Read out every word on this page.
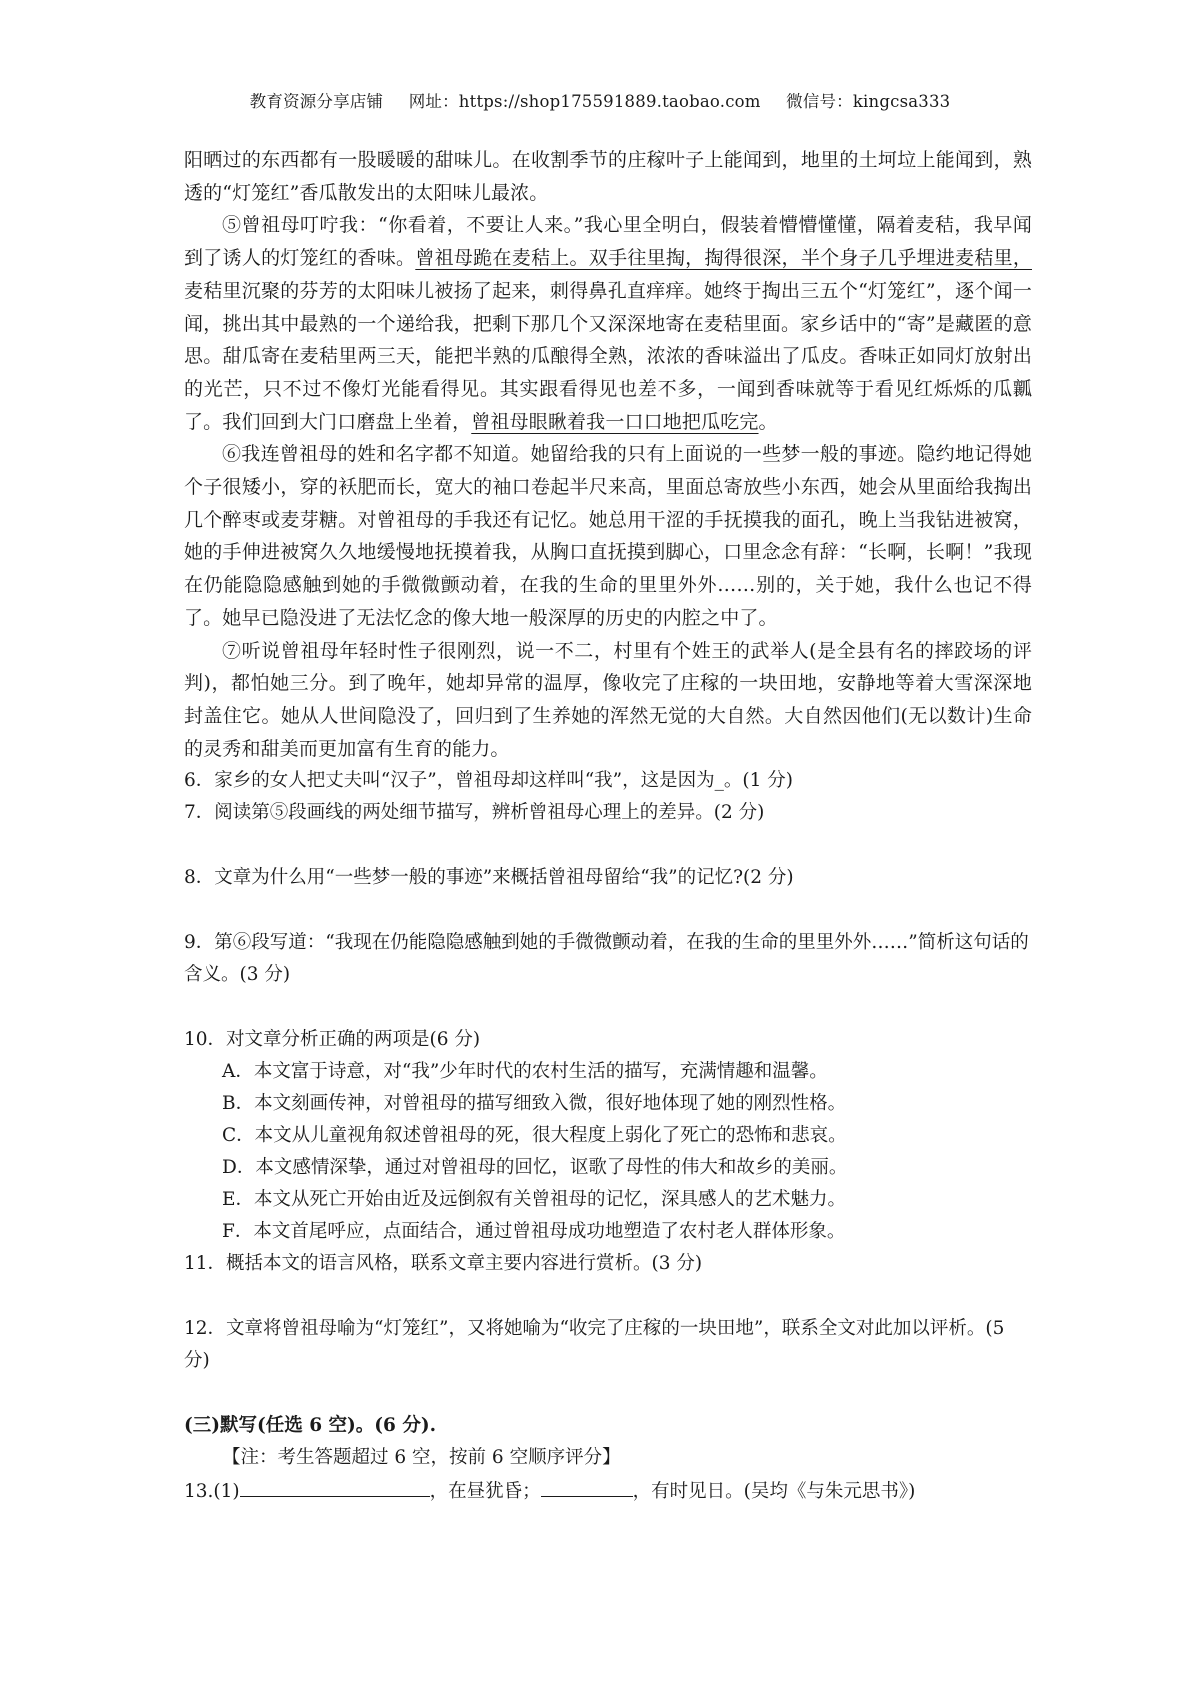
教育资源分享店铺 网址：https://shop175591889.taobao.com 微信号：kingcsa333

阳晒过的东西都有一股暖暖的甜味儿。在收割季节的庄稼叶子上能闻到，地里的土坷垃上能闻到，熟透的“灯笼红”香瓜散发出的太阳味儿最浓。

⑤曾祖母叮咛我：“你看着，不要让人来。”我心里全明白，假装着懵懵懂懂，隔着麦秸，我早闻到了诱人的灯笼红的香味。曾祖母跪在麦秸上。双手往里掏，掏得很深，半个身子几乎埋进麦秸里，麦秸里沉聚的芬芳的太阳味儿被扬了起来，刺得鼻孔直痒痒。她终于掏出三五个“灯笼红”，逐个闻一闻，挑出其中最熟的一个递给我，把剩下那几个又深深地寄在麦秸里面。家乡话中的“寄”是藏匿的意思。甜瓜寄在麦秸里两三天，能把半熟的瓜酿得全熟，浓浓的香味溢出了瓜皮。香味正如同灯放射出的光芒，只不过不像灯光能看得见。其实跟看得见也差不多，一闻到香味就等于看见红烁烁的瓜瓤了。我们回到大门口磨盘上坐着，曾祖母眼瞅着我一口口地把瓜吃完。

⑥我连曾祖母的姓和名字都不知道。她留给我的只有上面说的一些梦一般的事迹。隐约地记得她个子很矮小，穿的袄肥而长，宽大的袖口卷起半尺来高，里面总寄放些小东西，她会从里面给我掏出几个醉枣或麦芽糖。对曾祖母的手我还有记忆。她总用干涩的手抚摸我的面孔，晚上当我钻进被窝，她的手伸进被窝久久地缓慢地抚摸着我，从胸口直抚摸到脚心，口里念念有辞：“长啊，长啊！”我现在仍能隐隐感触到她的手微微颤动着，在我的生命的里里外外……别的，关于她，我什么也记不得了。她早已隐没进了无法忆念的像大地一般深厚的历史的内腔之中了。

⑦听说曾祖母年轻时性子很刚烈，说一不二，村里有个姓王的武举人(是全县有名的摔跤场的评判)，都怕她三分。到了晚年，她却异常的温厚，像收完了庄稼的一块田地，安静地等着大雪深深地封盖住它。她从人世间隐没了，回归到了生养她的浑然无觉的大自然。大自然因他们(无以数计)生命的灵秀和甜美而更加富有生育的能力。

6．家乡的女人把丈夫叫“汉子”，曾祖母却这样叫“我”，这是因为_。(1 分)

7．阅读第⑤段画线的两处细节描写，辨析曾祖母心理上的差异。(2 分)

8．文章为什么用“一些梦一般的事迹”来概括曾祖母留给“我”的记忆?(2 分)

9．第⑥段写道：“我现在仍能隐隐感触到她的手微微颤动着，在我的生命的里里外外……”简析这句话的含义。(3 分)

10．对文章分析正确的两项是(6 分)

A．本文富于诗意，对“我”少年时代的农村生活的描写，充满情趣和温馨。

B．本文刻画传神，对曾祖母的描写细致入微，很好地体现了她的刚烈性格。

C．本文从儿童视角叙述曾祖母的死，很大程度上弱化了死亡的恐怖和悲哀。

D．本文感情深挚，通过对曾祖母的回忆，讴歌了母性的伟大和故乡的美丽。

E．本文从死亡开始由近及远倒叙有关曾祖母的记忆，深具感人的艺术魅力。

F．本文首尾呼应，点面结合，通过曾祖母成功地塑造了农村老人群体形象。

11．概括本文的语言风格，联系文章主要内容进行赏析。(3 分)

12．文章将曾祖母喻为“灯笼红”，又将她喻为“收完了庄稼的一块田地”，联系全文对此加以评析。(5 分)

(三)默写(任选 6 空)。(6 分).

【注：考生答题超过 6 空，按前 6 空顺序评分】

13.(1)	，在昼犹昏；	，有时见日。(吴均《与朱元思书》)
